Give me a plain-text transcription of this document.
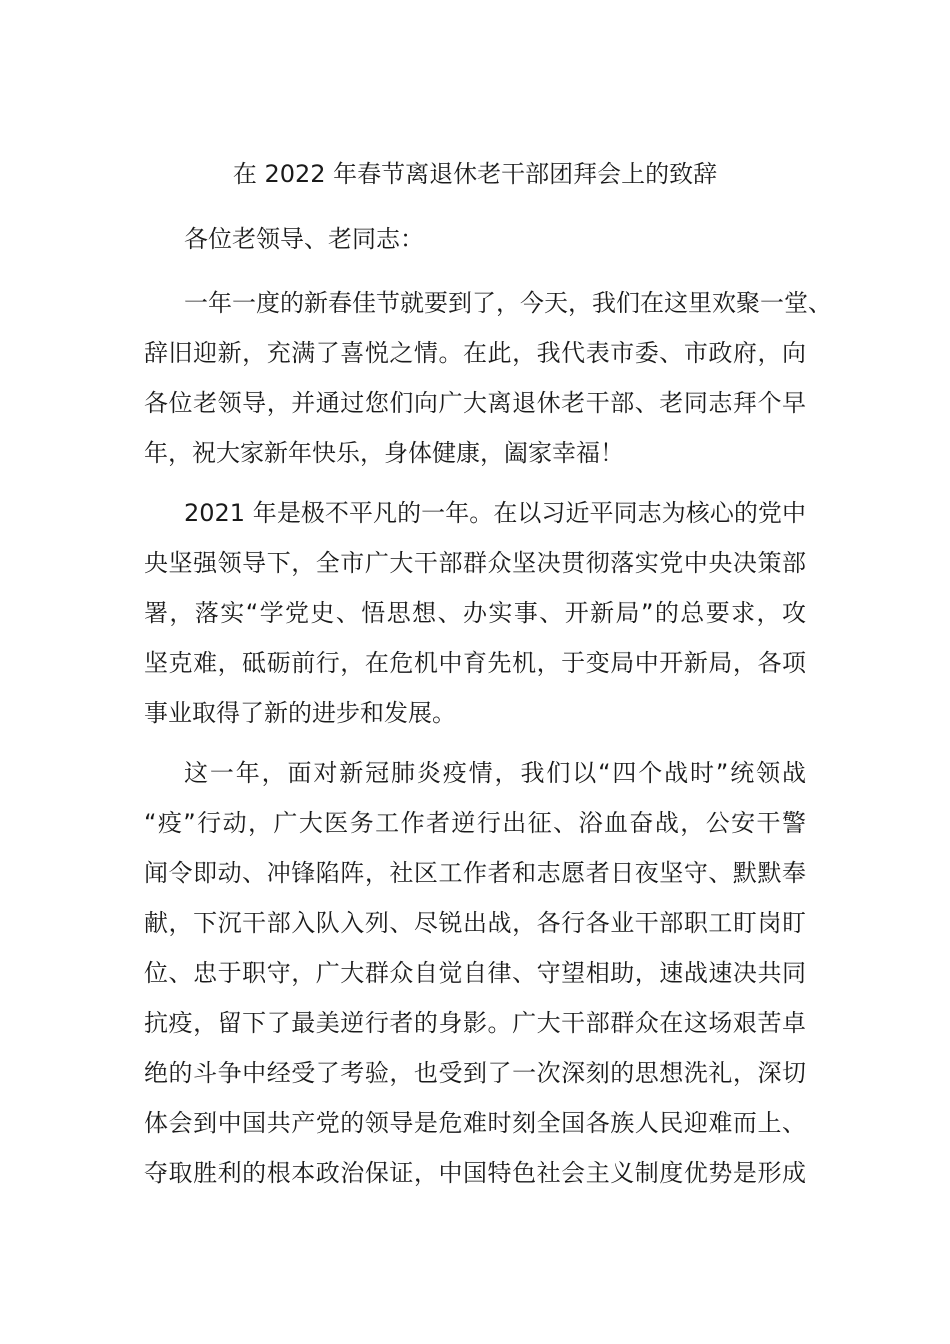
在 2022 年春节离退休老干部团拜会上的致辞

各位老领导、老同志：

一年一度的新春佳节就要到了，今天，我们在这里欢聚一堂、
辞旧迎新，充满了喜悦之情。在此，我代表市委、市政府，向
各位老领导，并通过您们向广大离退休老干部、老同志拜个早
年，祝大家新年快乐，身体健康，阖家幸福！
2021 年是极不平凡的一年。在以习近平同志为核心的党中
央坚强领导下，全市广大干部群众坚决贯彻落实党中央决策部
署，落实“学党史、悟思想、办实事、开新局”的总要求，攻
坚克难，砥砺前行，在危机中育先机，于变局中开新局，各项
事业取得了新的进步和发展。
这一年，面对新冠肺炎疫情，我们以“四个战时”统领战
“疫”行动，广大医务工作者逆行出征、浴血奋战，公安干警
闻令即动、冲锋陷阵，社区工作者和志愿者日夜坚守、默默奉
献，下沉干部入队入列、尽锐出战，各行各业干部职工盯岗盯
位、忠于职守，广大群众自觉自律、守望相助，速战速决共同
抗疫，留下了最美逆行者的身影。广大干部群众在这场艰苦卓
绝的斗争中经受了考验，也受到了一次深刻的思想洗礼，深切
体会到中国共产党的领导是危难时刻全国各族人民迎难而上、
夺取胜利的根本政治保证，中国特色社会主义制度优势是形成
